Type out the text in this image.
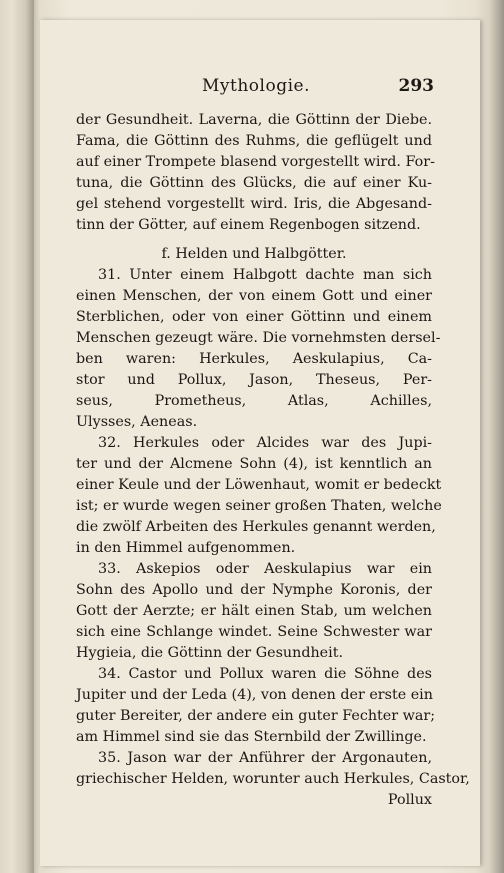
Mythologie.	293
der Gesundheit. Laverna, die Göttinn der Diebe.
Fama, die Göttinn des Ruhms, die geflügelt und
auf einer Trompete blasend vorgestellt wird. For-
tuna, die Göttinn des Glücks, die auf einer Ku-
gel stehend vorgestellt wird. Iris, die Abgesand-
tinn der Götter, auf einem Regenbogen sitzend.
f. Helden und Halbgötter.
31. Unter einem Halbgott dachte man sich
einen Menschen, der von einem Gott und einer
Sterblichen, oder von einer Göttinn und einem
Menschen gezeugt wäre. Die vornehmsten dersel-
ben waren: Herkules, Aeskulapius, Ca-
stor und Pollux, Jason, Theseus, Per-
seus, Prometheus, Atlas, Achilles,
Ulysses, Aeneas.
32. Herkules oder Alcides war des Jupi-
ter und der Alcmene Sohn (4), ist kenntlich an
einer Keule und der Löwenhaut, womit er bedeckt
ist; er wurde wegen seiner großen Thaten, welche
die zwölf Arbeiten des Herkules genannt werden,
in den Himmel aufgenommen.
33. Askepios oder Aeskulapius war ein
Sohn des Apollo und der Nymphe Koronis, der
Gott der Aerzte; er hält einen Stab, um welchen
sich eine Schlange windet. Seine Schwester war
Hygieia, die Göttinn der Gesundheit.
34. Castor und Pollux waren die Söhne des
Jupiter und der Leda (4), von denen der erste ein
guter Bereiter, der andere ein guter Fechter war;
am Himmel sind sie das Sternbild der Zwillinge.
35. Jason war der Anführer der Argonauten,
griechischer Helden, worunter auch Herkules, Castor,
Pollux
